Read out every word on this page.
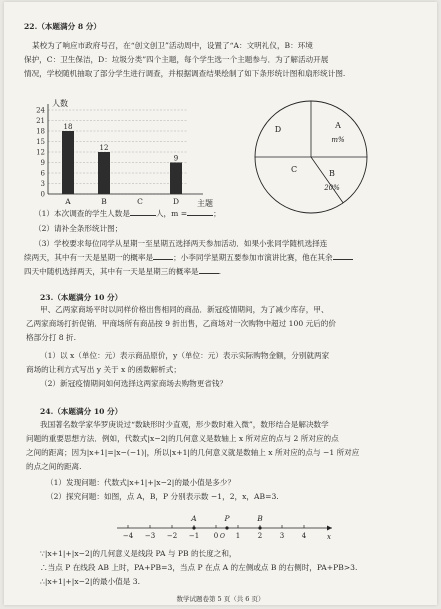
22.（本题满分 8 分）
某校为了响应市政府号召，在“创文创卫”活动周中，设置了“A：文明礼仪，B：环境
保护，C：卫生保洁，D：垃圾分类”四个主题，每个学生选一个主题参与．为了解活动开展
情况，学校随机抽取了部分学生进行调查，并根据调查结果绘制了如下条形统计图和扇形统计图.
0
3
6
9
12
15
18
21
24
人数
主题
A
18
B
12
C	D
9
A
m%
B
20%
C
D
（1）本次调查的学生人数是	人，m =	；
（2）请补全条形统计图；
（3）学校要求每位同学从星期一至星期五选择两天参加活动．如果小张同学随机选择连
续两天，其中有一天是星期一的概率是	；小李同学星期五要参加市演讲比赛，他在其余
四天中随机选择两天，其中有一天是星期三的概率是	.
23.（本题满分 10 分）
甲、乙两家商场平时以同样价格出售相同的商品．新冠疫情期间，为了减少库存，甲、
乙两家商场打折促销．甲商场所有商品按 9 折出售，乙商场对一次购物中超过 100 元后的价
格部分打 8 折.
（1）以 x（单位：元）表示商品原价，y（单位：元）表示实际购物金额，分别就两家
商场的让利方式写出 y 关于 x 的函数解析式；
（2）新冠疫情期间如何选择这两家商场去购物更省钱？
24.（本题满分 10 分）
我国著名数学家华罗庚说过“数缺形时少直观，形少数时难入微”，数形结合是解决数学
问题的重要思想方法．例如，代数式|x−2|的几何意义是数轴上 x 所对应的点与 2 所对应的点
之间的距离；因为|x+1|=|x−(−1)|，所以|x+1|的几何意义就是数轴上 x 所对应的点与 −1 所对应
的点之间的距离.
（1）发现问题：代数式|x+1|+|x−2|的最小值是多少？
（2）探究问题：如图，点 A，B，P 分别表示数 −1，2，x，AB=3.
−4 −3 −2 −1 0	1	2	3	4
O	x
A	P	B
∵|x+1|+|x−2|的几何意义是线段 PA 与 PB 的长度之和，
∴当点 P 在线段 AB 上时，PA+PB=3，当点 P 在点 A 的左侧或点 B 的右侧时，PA+PB>3.
∴|x+1|+|x−2|的最小值是 3.
数学试题卷第 5 页（共 6 页）
